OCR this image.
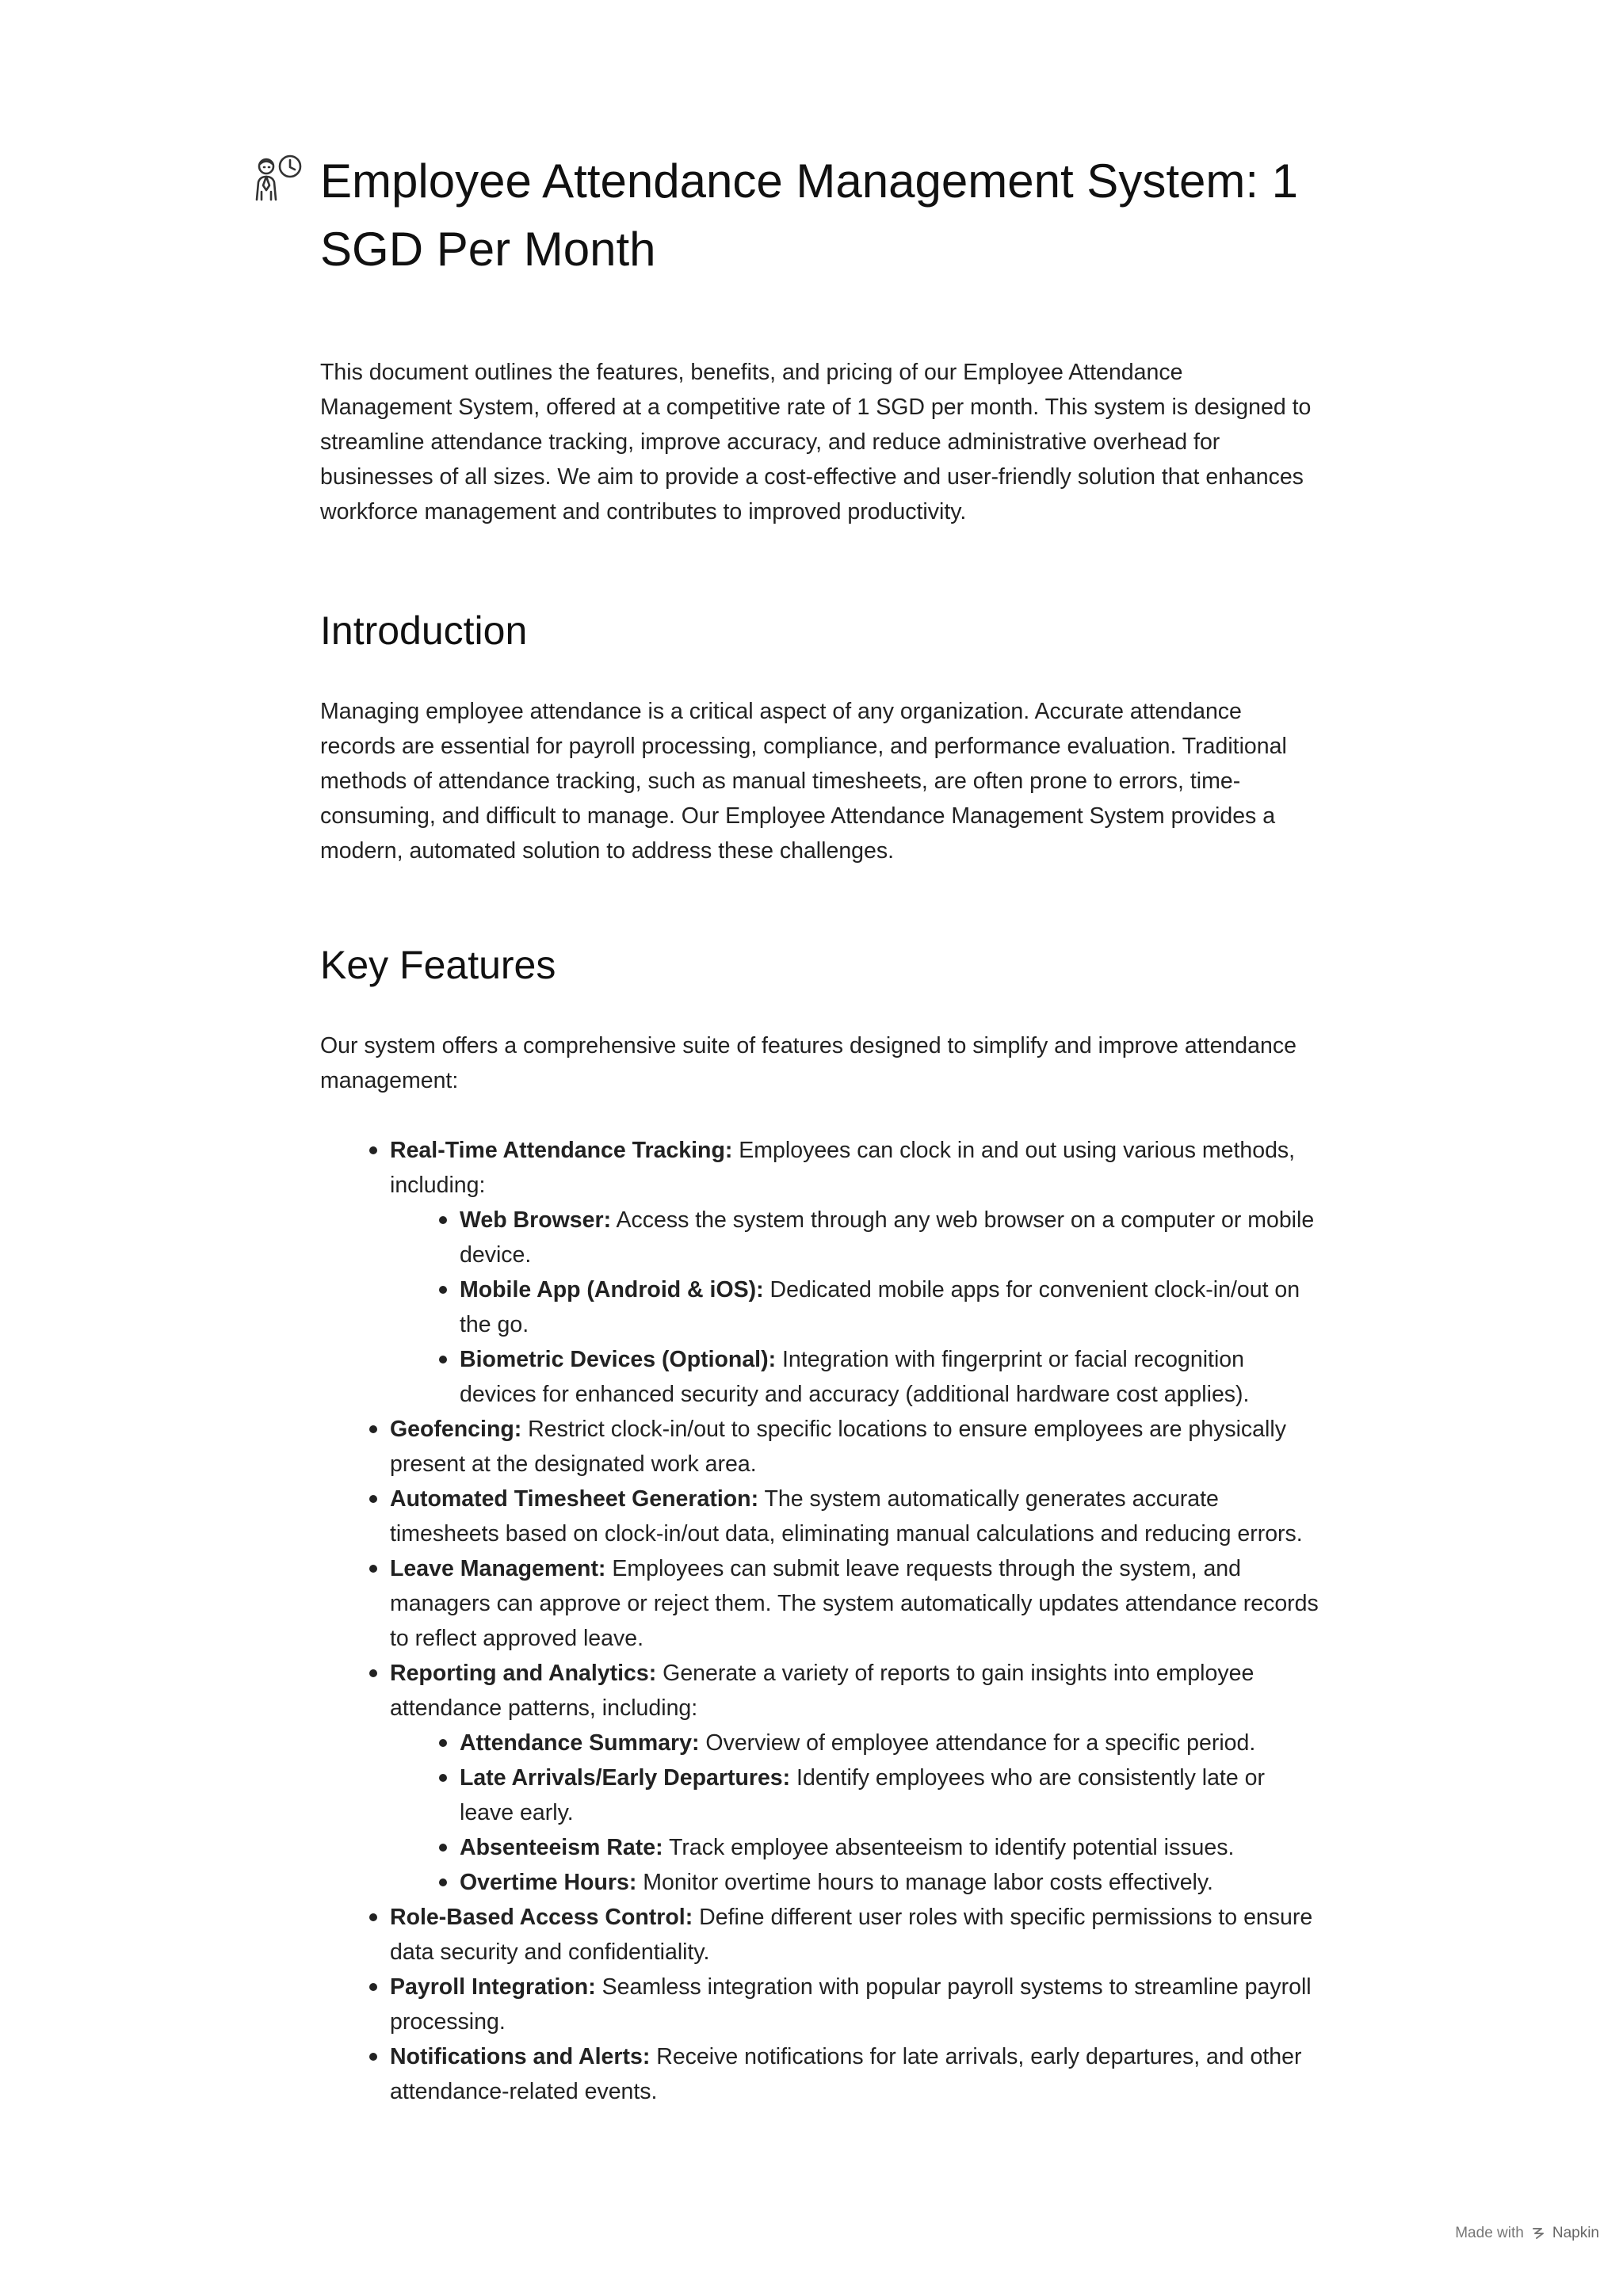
Employee Attendance Management System: 1 SGD Per Month

This document outlines the features, benefits, and pricing of our Employee Attendance Management System, offered at a competitive rate of 1 SGD per month. This system is designed to streamline attendance tracking, improve accuracy, and reduce administrative overhead for businesses of all sizes. We aim to provide a cost-effective and user-friendly solution that enhances workforce management and contributes to improved productivity.

Introduction

Managing employee attendance is a critical aspect of any organization. Accurate attendance records are essential for payroll processing, compliance, and performance evaluation. Traditional methods of attendance tracking, such as manual timesheets, are often prone to errors, time-consuming, and difficult to manage. Our Employee Attendance Management System provides a modern, automated solution to address these challenges.

Key Features

Our system offers a comprehensive suite of features designed to simplify and improve attendance management:

Real-Time Attendance Tracking: Employees can clock in and out using various methods, including:
Web Browser: Access the system through any web browser on a computer or mobile device.
Mobile App (Android & iOS): Dedicated mobile apps for convenient clock-in/out on the go.
Biometric Devices (Optional): Integration with fingerprint or facial recognition devices for enhanced security and accuracy (additional hardware cost applies).
Geofencing: Restrict clock-in/out to specific locations to ensure employees are physically present at the designated work area.
Automated Timesheet Generation: The system automatically generates accurate timesheets based on clock-in/out data, eliminating manual calculations and reducing errors.
Leave Management: Employees can submit leave requests through the system, and managers can approve or reject them. The system automatically updates attendance records to reflect approved leave.
Reporting and Analytics: Generate a variety of reports to gain insights into employee attendance patterns, including:
Attendance Summary: Overview of employee attendance for a specific period.
Late Arrivals/Early Departures: Identify employees who are consistently late or leave early.
Absenteeism Rate: Track employee absenteeism to identify potential issues.
Overtime Hours: Monitor overtime hours to manage labor costs effectively.
Role-Based Access Control: Define different user roles with specific permissions to ensure data security and confidentiality.
Payroll Integration: Seamless integration with popular payroll systems to streamline payroll processing.
Notifications and Alerts: Receive notifications for late arrivals, early departures, and other attendance-related events.
Made with Napkin
